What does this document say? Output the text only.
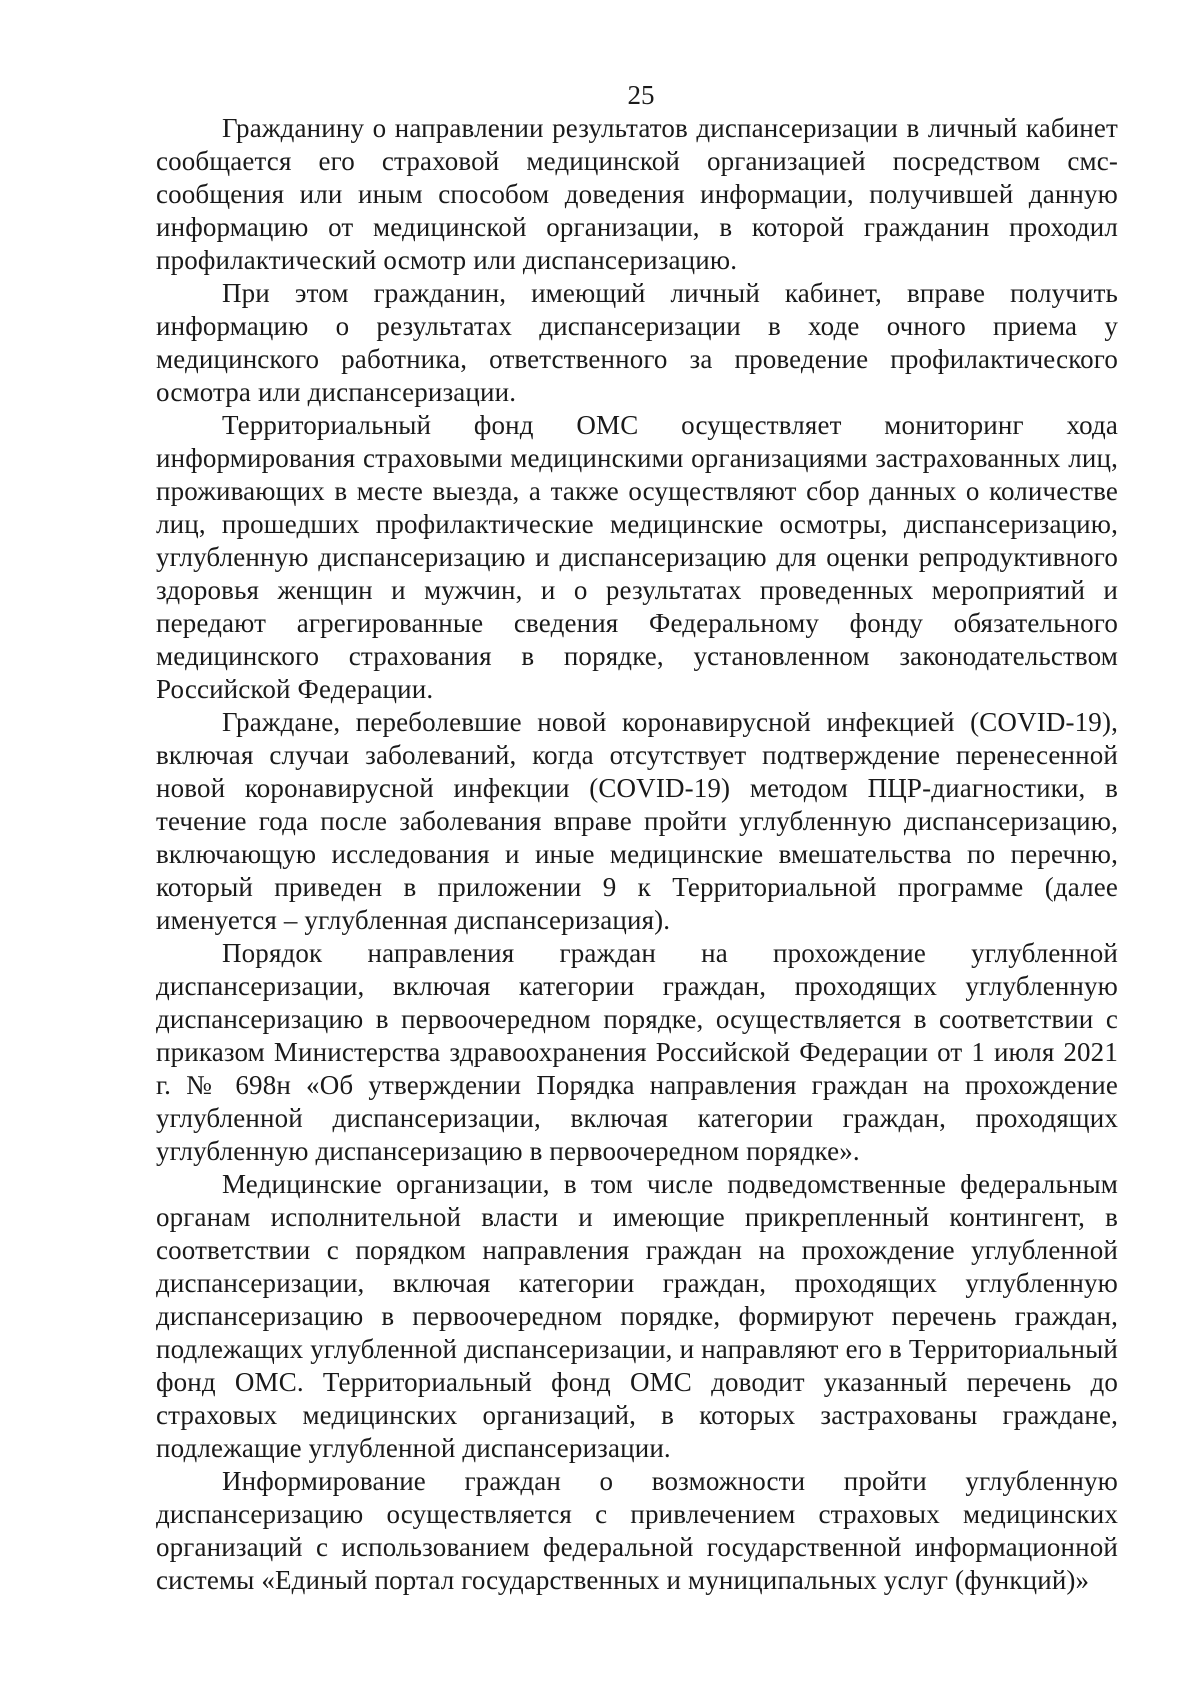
25

Гражданину о направлении результатов диспансеризации в личный кабинет сообщается его страховой медицинской организацией посредством смс-сообщения или иным способом доведения информации, получившей данную информацию от медицинской организации, в которой гражданин проходил профилактический осмотр или диспансеризацию.

При этом гражданин, имеющий личный кабинет, вправе получить информацию о результатах диспансеризации в ходе очного приема у медицинского работника, ответственного за проведение профилактического осмотра или диспансеризации.

Территориальный фонд ОМС осуществляет мониторинг хода информирования страховыми медицинскими организациями застрахованных лиц, проживающих в месте выезда, а также осуществляют сбор данных о количестве лиц, прошедших профилактические медицинские осмотры, диспансеризацию, углубленную диспансеризацию и диспансеризацию для оценки репродуктивного здоровья женщин и мужчин, и о результатах проведенных мероприятий и передают агрегированные сведения Федеральному фонду обязательного медицинского страхования в порядке, установленном законодательством Российской Федерации.

Граждане, переболевшие новой коронавирусной инфекцией (COVID-19), включая случаи заболеваний, когда отсутствует подтверждение перенесенной новой коронавирусной инфекции (COVID-19) методом ПЦР-диагностики, в течение года после заболевания вправе пройти углубленную диспансеризацию, включающую исследования и иные медицинские вмешательства по перечню, который приведен в приложении 9 к Территориальной программе (далее именуется – углубленная диспансеризация).

Порядок направления граждан на прохождение углубленной диспансеризации, включая категории граждан, проходящих углубленную диспансеризацию в первоочередном порядке, осуществляется в соответствии с приказом Министерства здравоохранения Российской Федерации от 1 июля 2021 г. № 698н «Об утверждении Порядка направления граждан на прохождение углубленной диспансеризации, включая категории граждан, проходящих углубленную диспансеризацию в первоочередном порядке».

Медицинские организации, в том числе подведомственные федеральным органам исполнительной власти и имеющие прикрепленный контингент, в соответствии с порядком направления граждан на прохождение углубленной диспансеризации, включая категории граждан, проходящих углубленную диспансеризацию в первоочередном порядке, формируют перечень граждан, подлежащих углубленной диспансеризации, и направляют его в Территориальный фонд ОМС. Территориальный фонд ОМС доводит указанный перечень до страховых медицинских организаций, в которых застрахованы граждане, подлежащие углубленной диспансеризации.

Информирование граждан о возможности пройти углубленную диспансеризацию осуществляется с привлечением страховых медицинских организаций с использованием федеральной государственной информационной системы «Единый портал государственных и муниципальных услуг (функций)»
